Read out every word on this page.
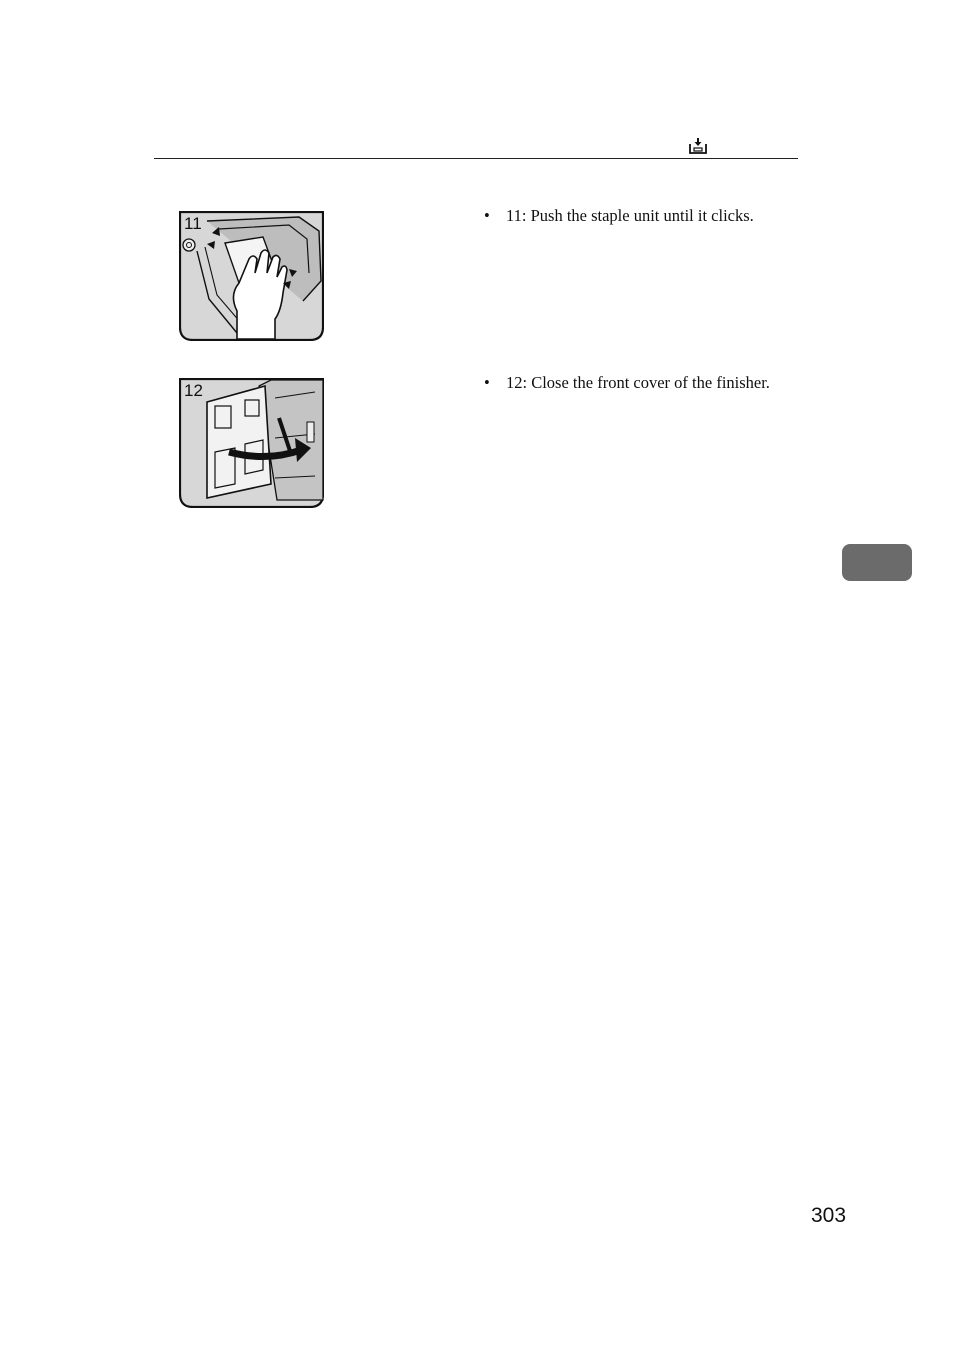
• 11: Push the staple unit until it clicks.
• 12: Close the front cover of the finisher.
11
12
303
